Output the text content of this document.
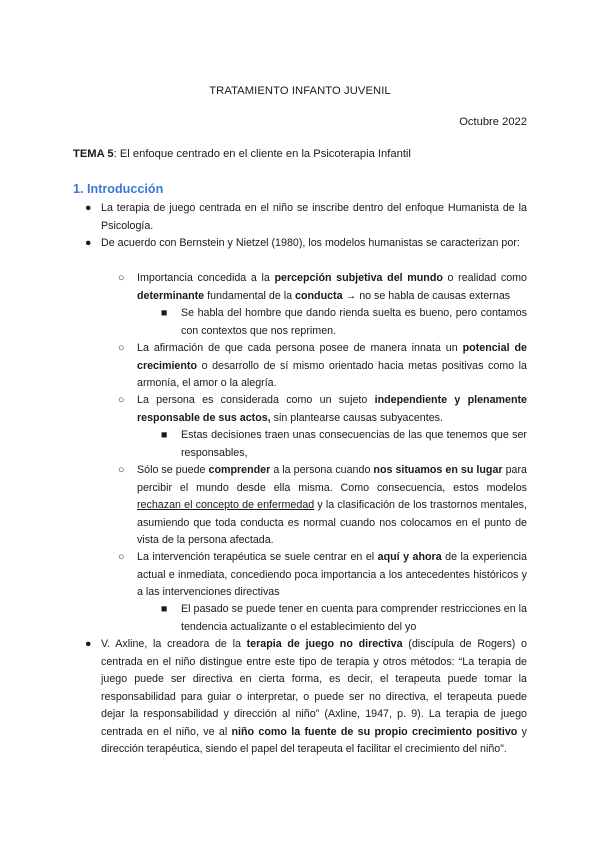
TRATAMIENTO INFANTO JUVENIL
Octubre 2022
TEMA 5: El enfoque centrado en el cliente en la Psicoterapia Infantil
1. Introducción
● La terapia de juego centrada en el niño se inscribe dentro del enfoque Humanista de la Psicología.
● De acuerdo con Bernstein y Nietzel (1980), los modelos humanistas se caracterizan por:
○ Importancia concedida a la percepción subjetiva del mundo o realidad como determinante fundamental de la conducta → no se habla de causas externas
■ Se habla del hombre que dando rienda suelta es bueno, pero contamos con contextos que nos reprimen.
○ La afirmación de que cada persona posee de manera innata un potencial de crecimiento o desarrollo de sí mismo orientado hacia metas positivas como la armonía, el amor o la alegría.
○ La persona es considerada como un sujeto independiente y plenamente responsable de sus actos, sin plantearse causas subyacentes.
■ Estas decisiones traen unas consecuencias de las que tenemos que ser responsables,
○ Sólo se puede comprender a la persona cuando nos situamos en su lugar para percibir el mundo desde ella misma. Como consecuencia, estos modelos rechazan el concepto de enfermedad y la clasificación de los trastornos mentales, asumiendo que toda conducta es normal cuando nos colocamos en el punto de vista de la persona afectada.
○ La intervención terapéutica se suele centrar en el aquí y ahora de la experiencia actual e inmediata, concediendo poca importancia a los antecedentes históricos y a las intervenciones directivas
■ El pasado se puede tener en cuenta para comprender restricciones en la tendencia actualizante o el establecimiento del yo
● V. Axline, la creadora de la terapia de juego no directiva (discípula de Rogers) o centrada en el niño distingue entre este tipo de terapia y otros métodos: “La terapia de juego puede ser directiva en cierta forma, es decir, el terapeuta puede tomar la responsabilidad para guiar o interpretar, o puede ser no directiva, el terapeuta puede dejar la responsabilidad y dirección al niño” (Axline, 1947, p. 9). La terapia de juego centrada en el niño, ve al niño como la fuente de su propio crecimiento positivo y dirección terapéutica, siendo el papel del terapeuta el facilitar el crecimiento del niño”.
